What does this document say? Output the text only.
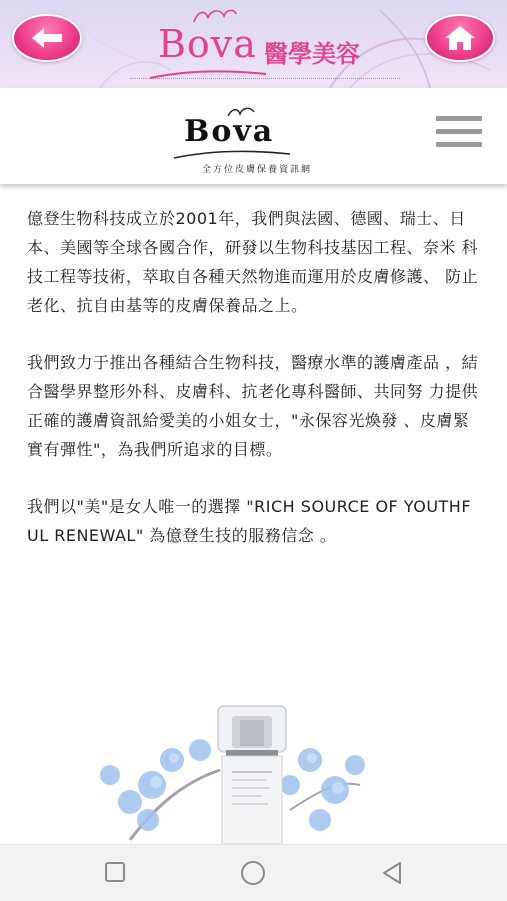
Bova 醫學美容
Bova
全方位皮膚保養資訊網

億登生物科技成立於2001年，我們與法國、德國、瑞士、日 本、美國等全球各國合作，研發以生物科技基因工程、奈米 科技工程等技術，萃取自各種天然物進而運用於皮膚修護、 防止老化、抗自由基等的皮膚保養品之上。

我們致力于推出各種結合生物科技，醫療水準的護膚產品 ，結合醫學界整形外科、皮膚科、抗老化專科醫師、共同努 力提供正確的護膚資訊給愛美的小姐女士，"永保容光煥發 、皮膚緊實有彈性"，為我們所追求的目標。

我們以"美"是女人唯一的選擇 "RICH SOURCE OF YOUTHFUL RENEWAL" 為億登生技的服務信念 。
